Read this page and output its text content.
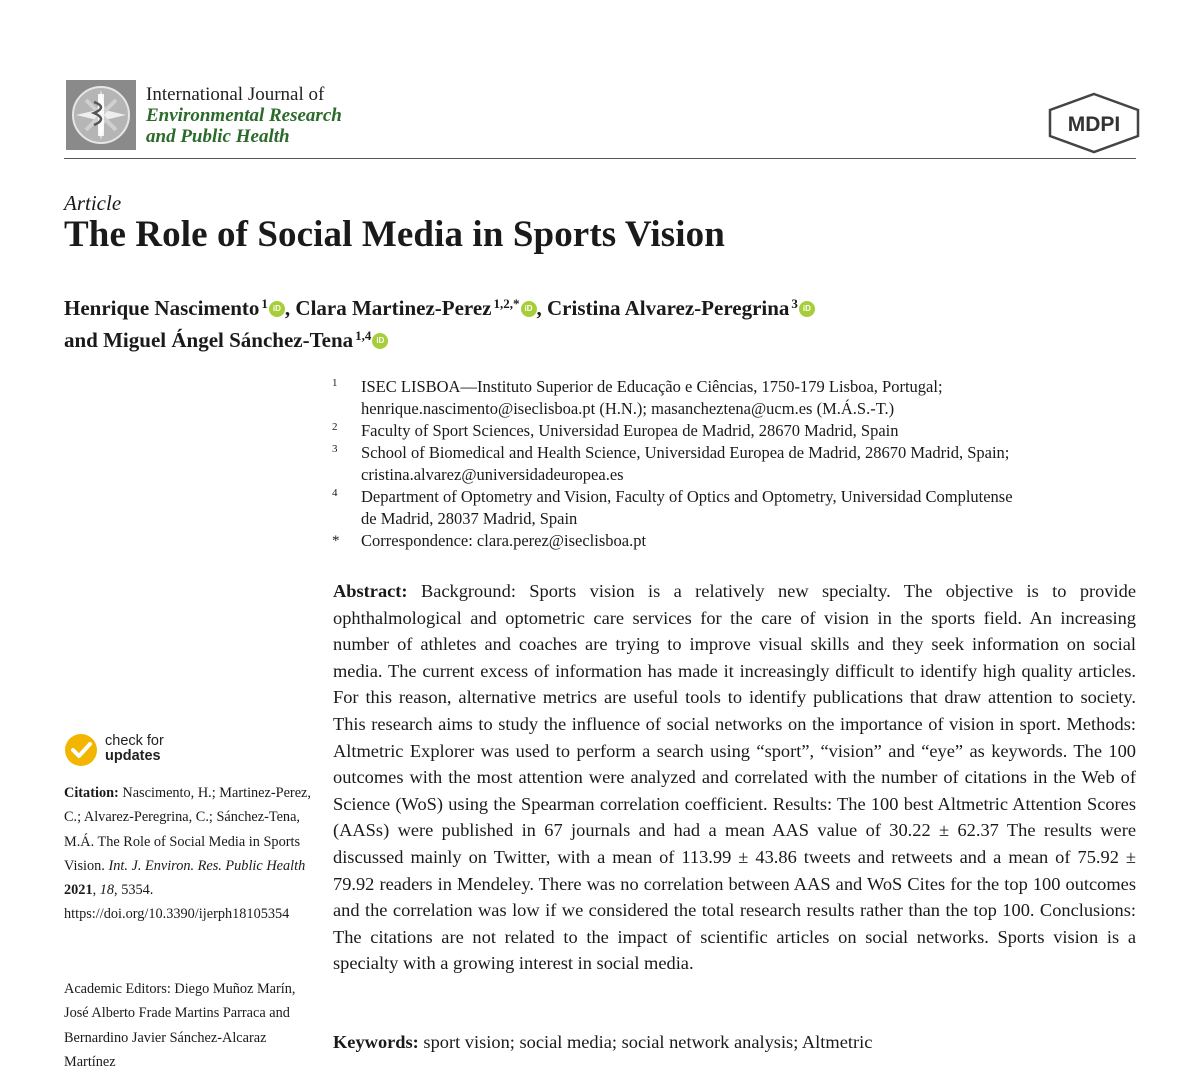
International Journal of
Environmental Research
and Public Health
MDPI
Article
The Role of Social Media in Sports Vision
Henrique Nascimento $^1$ iD , Clara Martinez-Perez $^{1,2,*}$ iD , Cristina Alvarez-Peregrina $^3$ iD
and Miguel Ángel Sánchez-Tena $^{1,4}$ iD
1	ISEC LISBOA—Instituto Superior de Educação e Ciências, 1750-179 Lisboa, Portugal;
henrique.nascimento@iseclisboa.pt (H.N.); masancheztena@ucm.es (M.Á.S.-T.)
2	Faculty of Sport Sciences, Universidad Europea de Madrid, 28670 Madrid, Spain
3	School of Biomedical and Health Science, Universidad Europea de Madrid, 28670 Madrid, Spain;
cristina.alvarez@universidadeuropea.es
4	Department of Optometry and Vision, Faculty of Optics and Optometry, Universidad Complutense
de Madrid, 28037 Madrid, Spain
*	Correspondence: clara.perez@iseclisboa.pt
Abstract: Background: Sports vision is a relatively new specialty. The objective is to provide ophthalmological and optometric care services for the care of vision in the sports field. An increasing number of athletes and coaches are trying to improve visual skills and they seek information on social media. The current excess of information has made it increasingly difficult to identify high quality articles. For this reason, alternative metrics are useful tools to identify publications that draw attention to society. This research aims to study the influence of social networks on the importance of vision in sport. Methods: Altmetric Explorer was used to perform a search using “sport”, “vision” and “eye” as keywords. The 100 outcomes with the most attention were analyzed and correlated with the number of citations in the Web of Science (WoS) using the Spearman correlation coefficient. Results: The 100 best Altmetric Attention Scores (AASs) were published in 67 journals and had a mean AAS value of 30.22 ± 62.37 The results were discussed mainly on Twitter, with a mean of 113.99 ± 43.86 tweets and retweets and a mean of 75.92 ± 79.92 readers in Mendeley. There was no correlation between AAS and WoS Cites for the top 100 outcomes and the correlation was low if we considered the total research results rather than the top 100. Conclusions: The citations are not related to the impact of scientific articles on social networks. Sports vision is a specialty with a growing interest in social media.
Keywords: sport vision; social media; social network analysis; Altmetric
check for
updates
Citation: Nascimento, H.; Martinez-Perez, C.; Alvarez-Peregrina, C.; Sánchez-Tena, M.Á. The Role of Social Media in Sports Vision. Int. J. Environ. Res. Public Health 2021, 18, 5354. https://doi.org/10.3390/ijerph18105354
Academic Editors: Diego Muñoz Marín, José Alberto Frade Martins Parraca and Bernardino Javier Sánchez-Alcaraz Martínez
